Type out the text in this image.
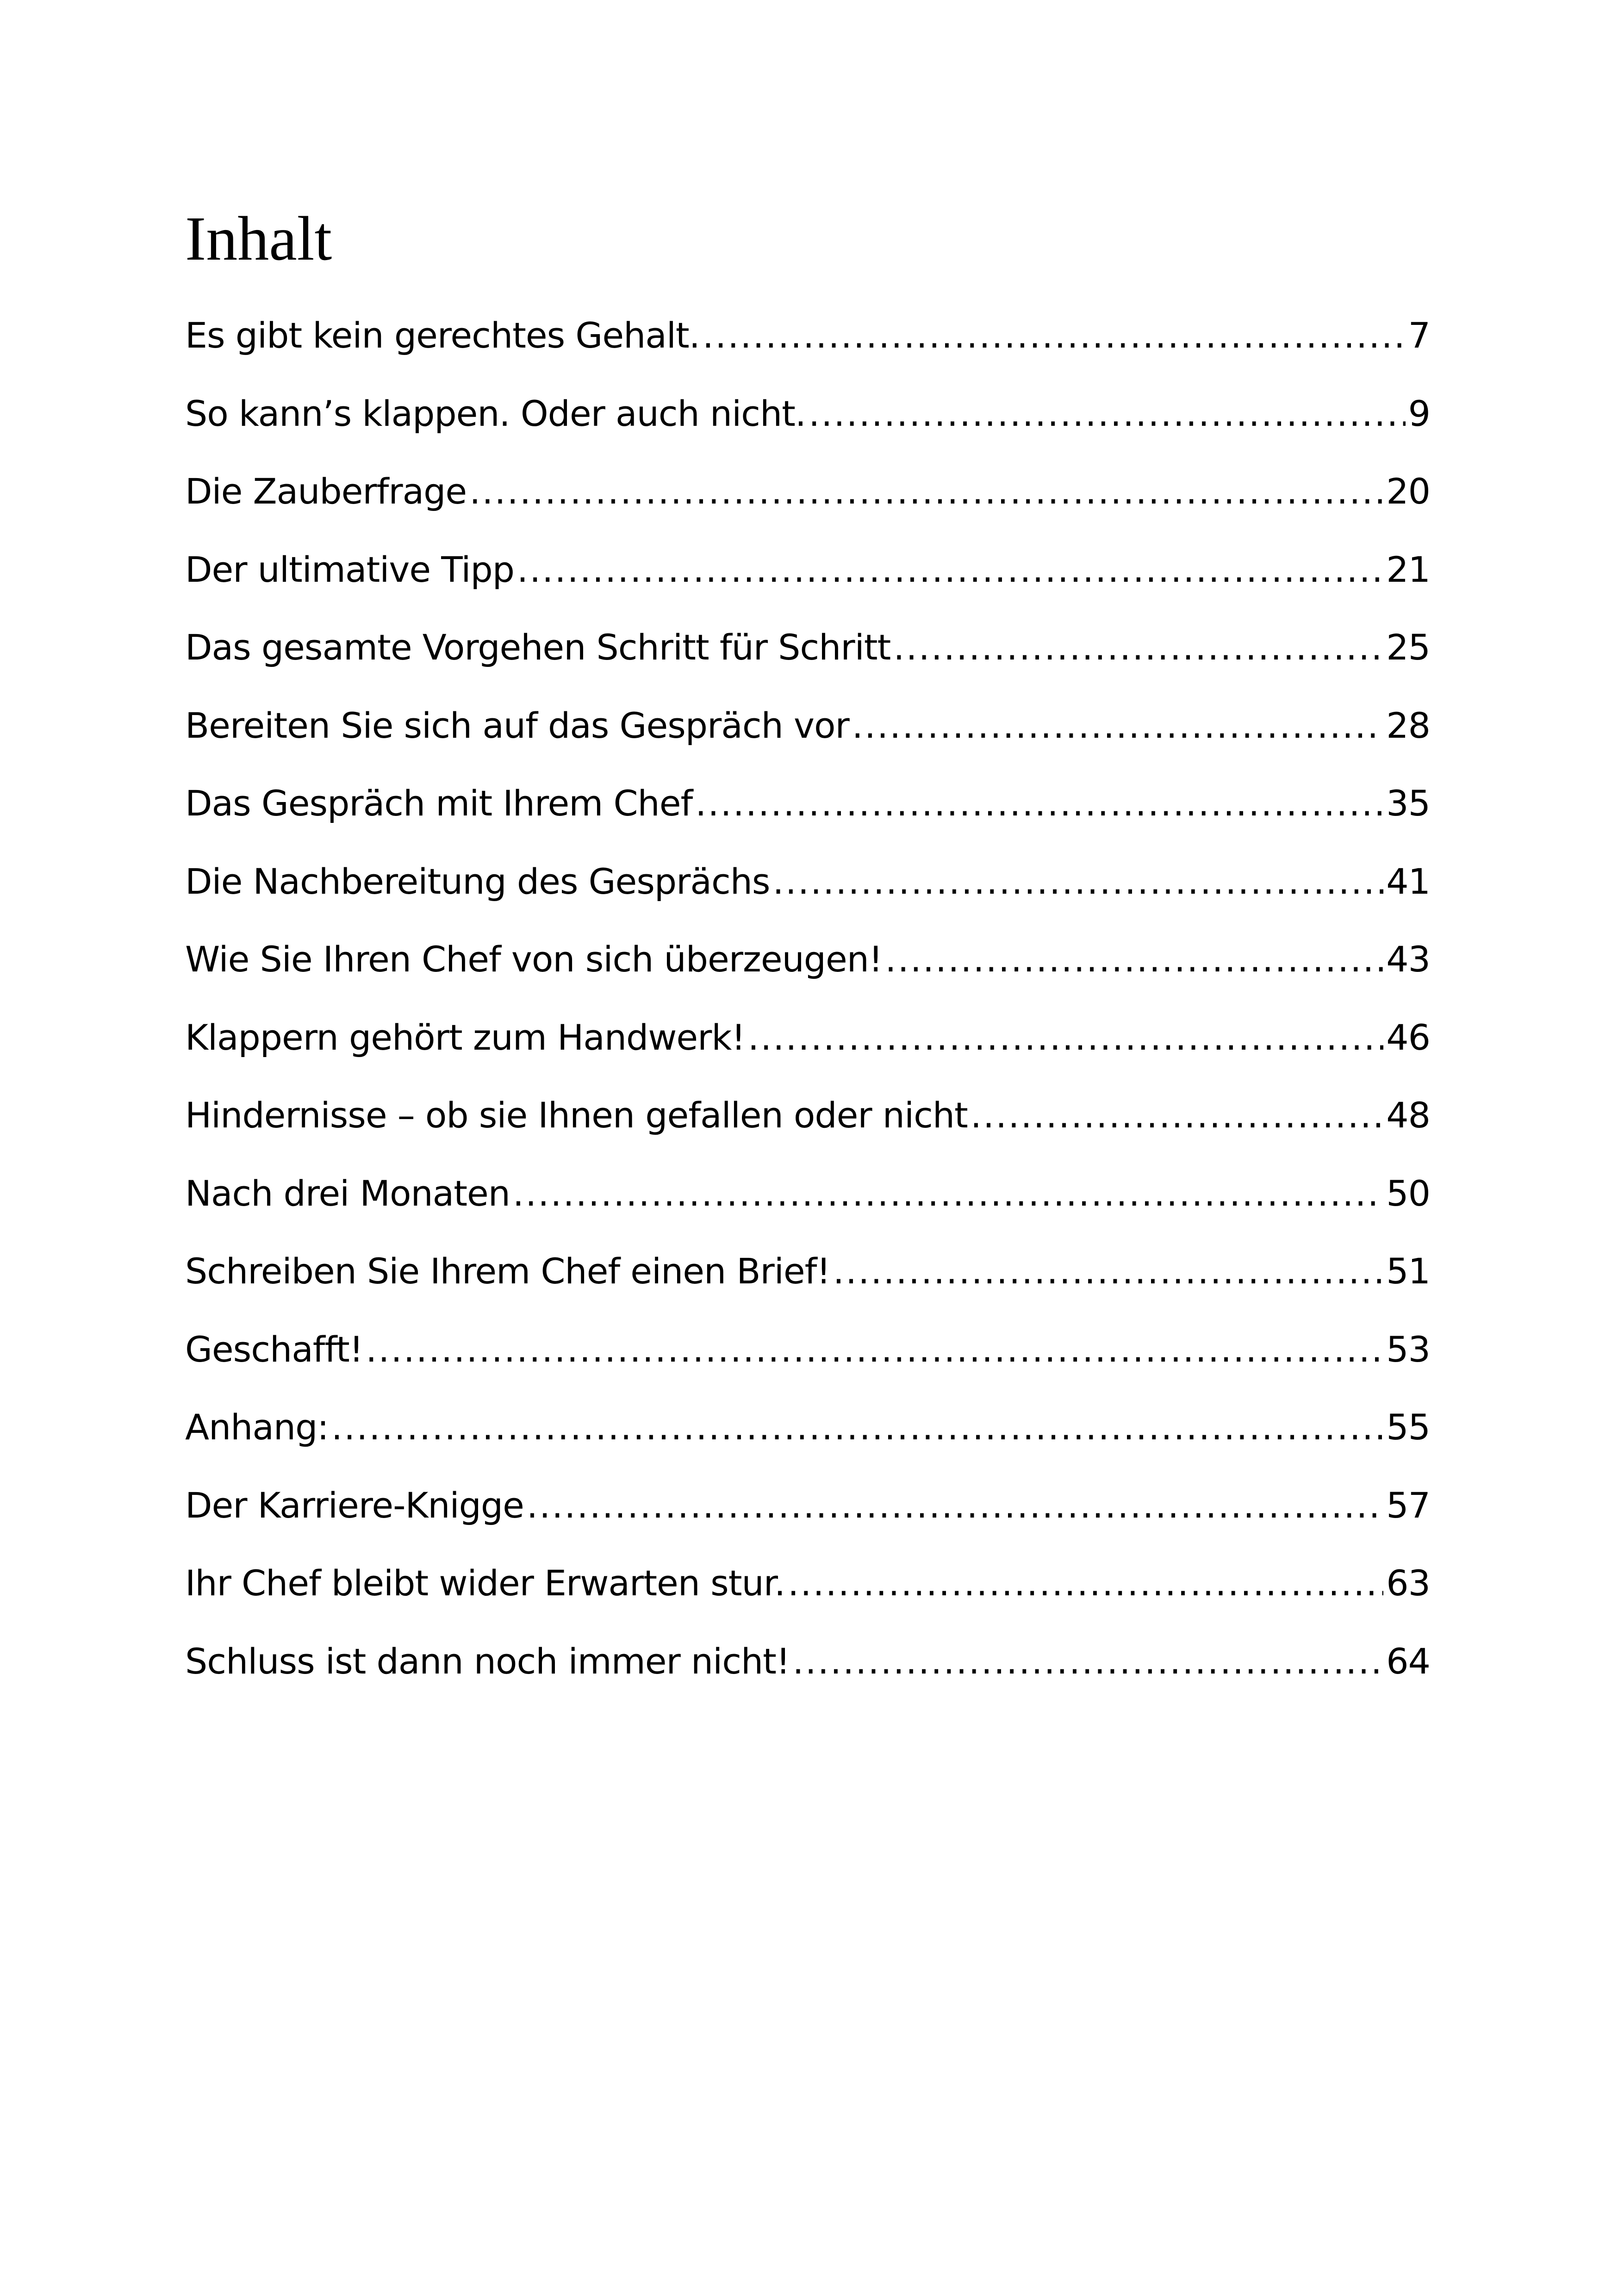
Inhalt
Es gibt kein gerechtes Gehalt. .....	7
So kann’s klappen. Oder auch nicht. .....	9
Die Zauberfrage .....	20
Der ultimative Tipp .....	21
Das gesamte Vorgehen Schritt für Schritt .....	25
Bereiten Sie sich auf das Gespräch vor .....	28
Das Gespräch mit Ihrem Chef .....	35
Die Nachbereitung des Gesprächs .....	41
Wie Sie Ihren Chef von sich überzeugen! .....	43
Klappern gehört zum Handwerk! .....	46
Hindernisse – ob sie Ihnen gefallen oder nicht .....	48
Nach drei Monaten .....	50
Schreiben Sie Ihrem Chef einen Brief! .....	51
Geschafft! .....	53
Anhang: .....	55
Der Karriere-Knigge .....	57
Ihr Chef bleibt wider Erwarten stur. .....	63
Schluss ist dann noch immer nicht! .....	64
